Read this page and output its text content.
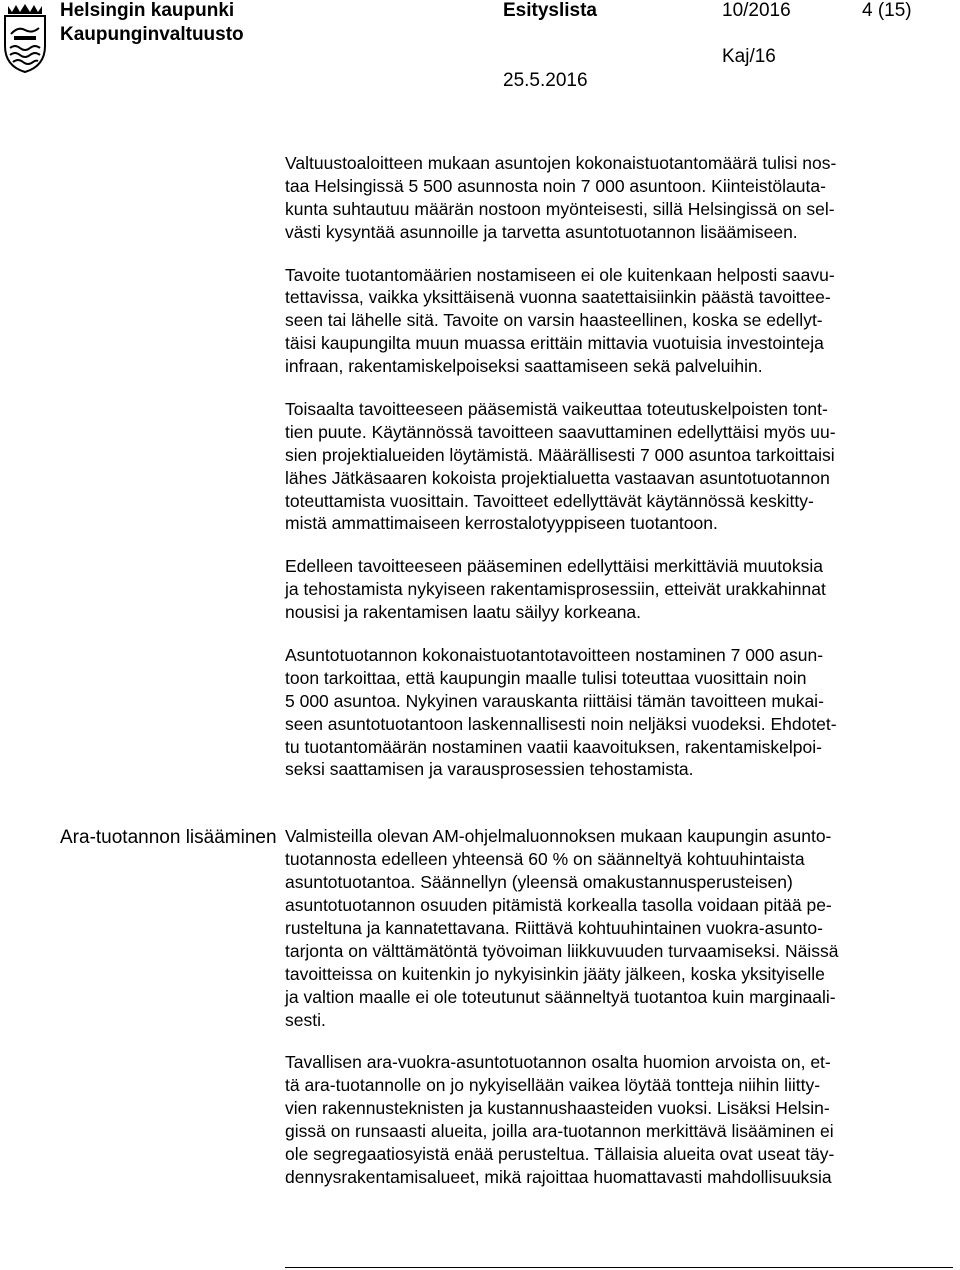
Helsingin kaupunki
Kaupunginvaltuusto
Esityslista	10/2016	4 (15)
Kaj/16
25.5.2016
Ara-tuotannon lisääminen
Valtuustoaloitteen mukaan asuntojen kokonaistuotantomäärä tulisi nos-
taa Helsingissä 5 500 asunnosta noin 7 000 asuntoon. Kiinteistölauta-
kunta suhtautuu määrän nostoon myönteisesti, sillä Helsingissä on sel-
västi kysyntää asunnoille ja tarvetta asuntotuotannon lisäämiseen.
Tavoite tuotantomäärien nostamiseen ei ole kuitenkaan helposti saavu-
tettavissa, vaikka yksittäisenä vuonna saatettaisiinkin päästä tavoittee-
seen tai lähelle sitä. Tavoite on varsin haasteellinen, koska se edellyt-
täisi kaupungilta muun muassa erittäin mittavia vuotuisia investointeja
infraan, rakentamiskelpoiseksi saattamiseen sekä palveluihin.
Toisaalta tavoitteeseen pääsemistä vaikeuttaa toteutuskelpoisten tont-
tien puute. Käytännössä tavoitteen saavuttaminen edellyttäisi myös uu-
sien projektialueiden löytämistä. Määrällisesti 7 000 asuntoa tarkoittaisi
lähes Jätkäsaaren kokoista projektialuetta vastaavan asuntotuotannon
toteuttamista vuosittain. Tavoitteet edellyttävät käytännössä keskitty-
mistä ammattimaiseen kerrostalotyyppiseen tuotantoon.
Edelleen tavoitteeseen pääseminen edellyttäisi merkittäviä muutoksia
ja tehostamista nykyiseen rakentamisprosessiin, etteivät urakkahinnat
nousisi ja rakentamisen laatu säilyy korkeana.
Asuntotuotannon kokonaistuotantotavoitteen nostaminen 7 000 asun-
toon tarkoittaa, että kaupungin maalle tulisi toteuttaa vuosittain noin
5 000 asuntoa. Nykyinen varauskanta riittäisi tämän tavoitteen mukai-
seen asuntotuotantoon laskennallisesti noin neljäksi vuodeksi. Ehdotet-
tu tuotantomäärän nostaminen vaatii kaavoituksen, rakentamiskelpoi-
seksi saattamisen ja varausprosessien tehostamista.
Valmisteilla olevan AM-ohjelmaluonnoksen mukaan kaupungin asunto-
tuotannosta edelleen yhteensä 60 % on säänneltyä kohtuuhintaista
asuntotuotantoa. Säännellyn (yleensä omakustannusperusteisen)
asuntotuotannon osuuden pitämistä korkealla tasolla voidaan pitää pe-
rusteltuna ja kannatettavana. Riittävä kohtuuhintainen vuokra-asunto-
tarjonta on välttämätöntä työvoiman liikkuvuuden turvaamiseksi. Näissä
tavoitteissa on kuitenkin jo nykyisinkin jääty jälkeen, koska yksityiselle
ja valtion maalle ei ole toteutunut säänneltyä tuotantoa kuin marginaali-
sesti.
Tavallisen ara-vuokra-asuntotuotannon osalta huomion arvoista on, et-
tä ara-tuotannolle on jo nykyisellään vaikea löytää tontteja niihin liitty-
vien rakennusteknisten ja kustannushaasteiden vuoksi. Lisäksi Helsin-
gissä on runsaasti alueita, joilla ara-tuotannon merkittävä lisääminen ei
ole segregaatiosyistä enää perusteltua. Tällaisia alueita ovat useat täy-
dennysrakentamisalueet, mikä rajoittaa huomattavasti mahdollisuuksia
